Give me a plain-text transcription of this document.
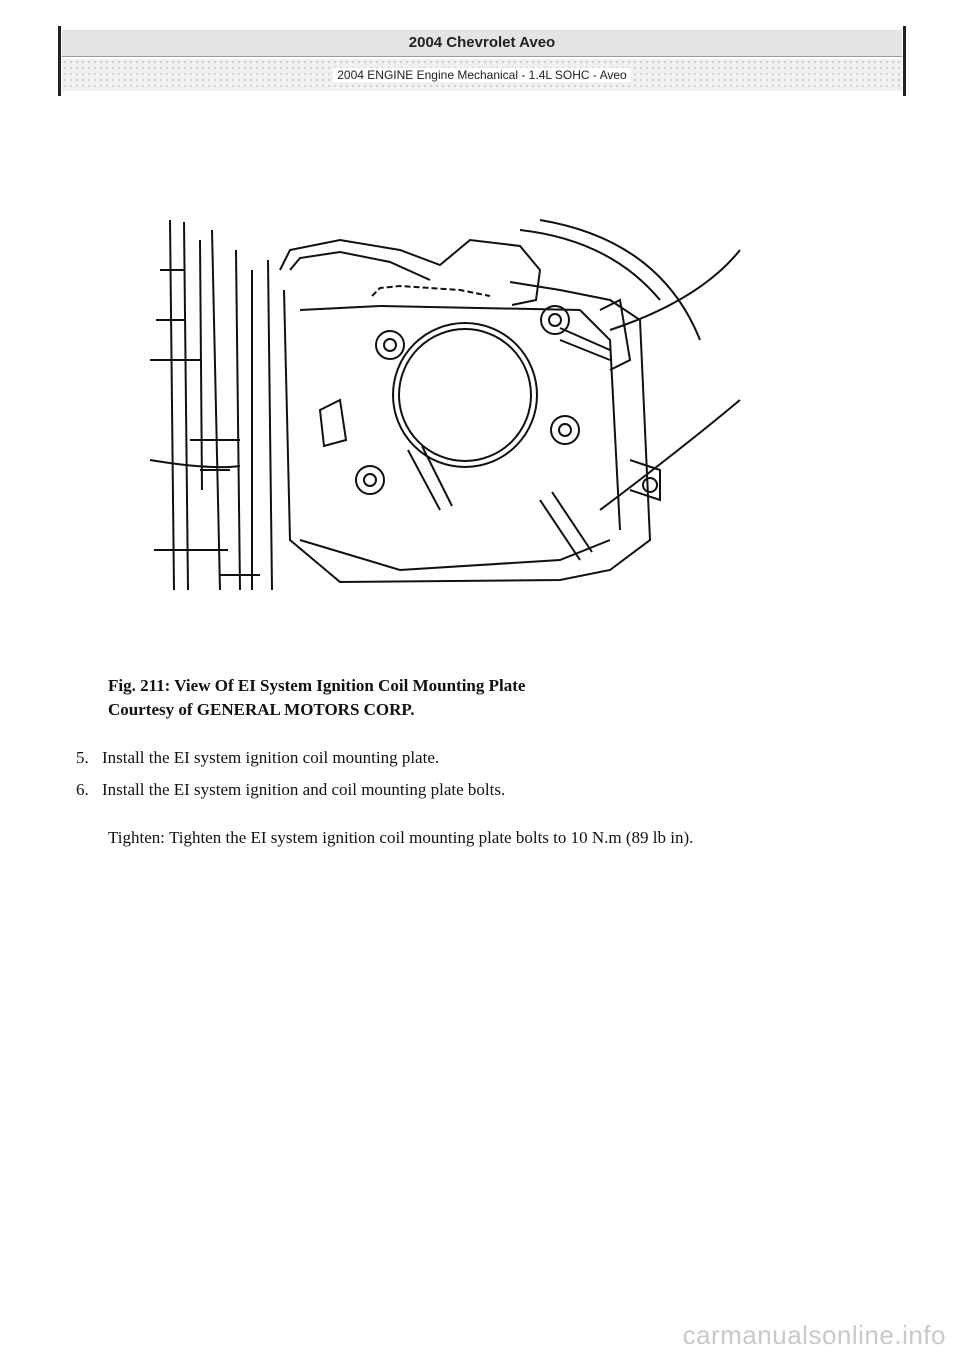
2004 Chevrolet Aveo
2004 ENGINE Engine Mechanical - 1.4L SOHC - Aveo
Fig. 211: View Of EI System Ignition Coil Mounting Plate
Courtesy of GENERAL MOTORS CORP.
5. Install the EI system ignition coil mounting plate.
6. Install the EI system ignition and coil mounting plate bolts.
Tighten: Tighten the EI system ignition coil mounting plate bolts to 10 N.m (89 lb in).
carmanualsonline.info
